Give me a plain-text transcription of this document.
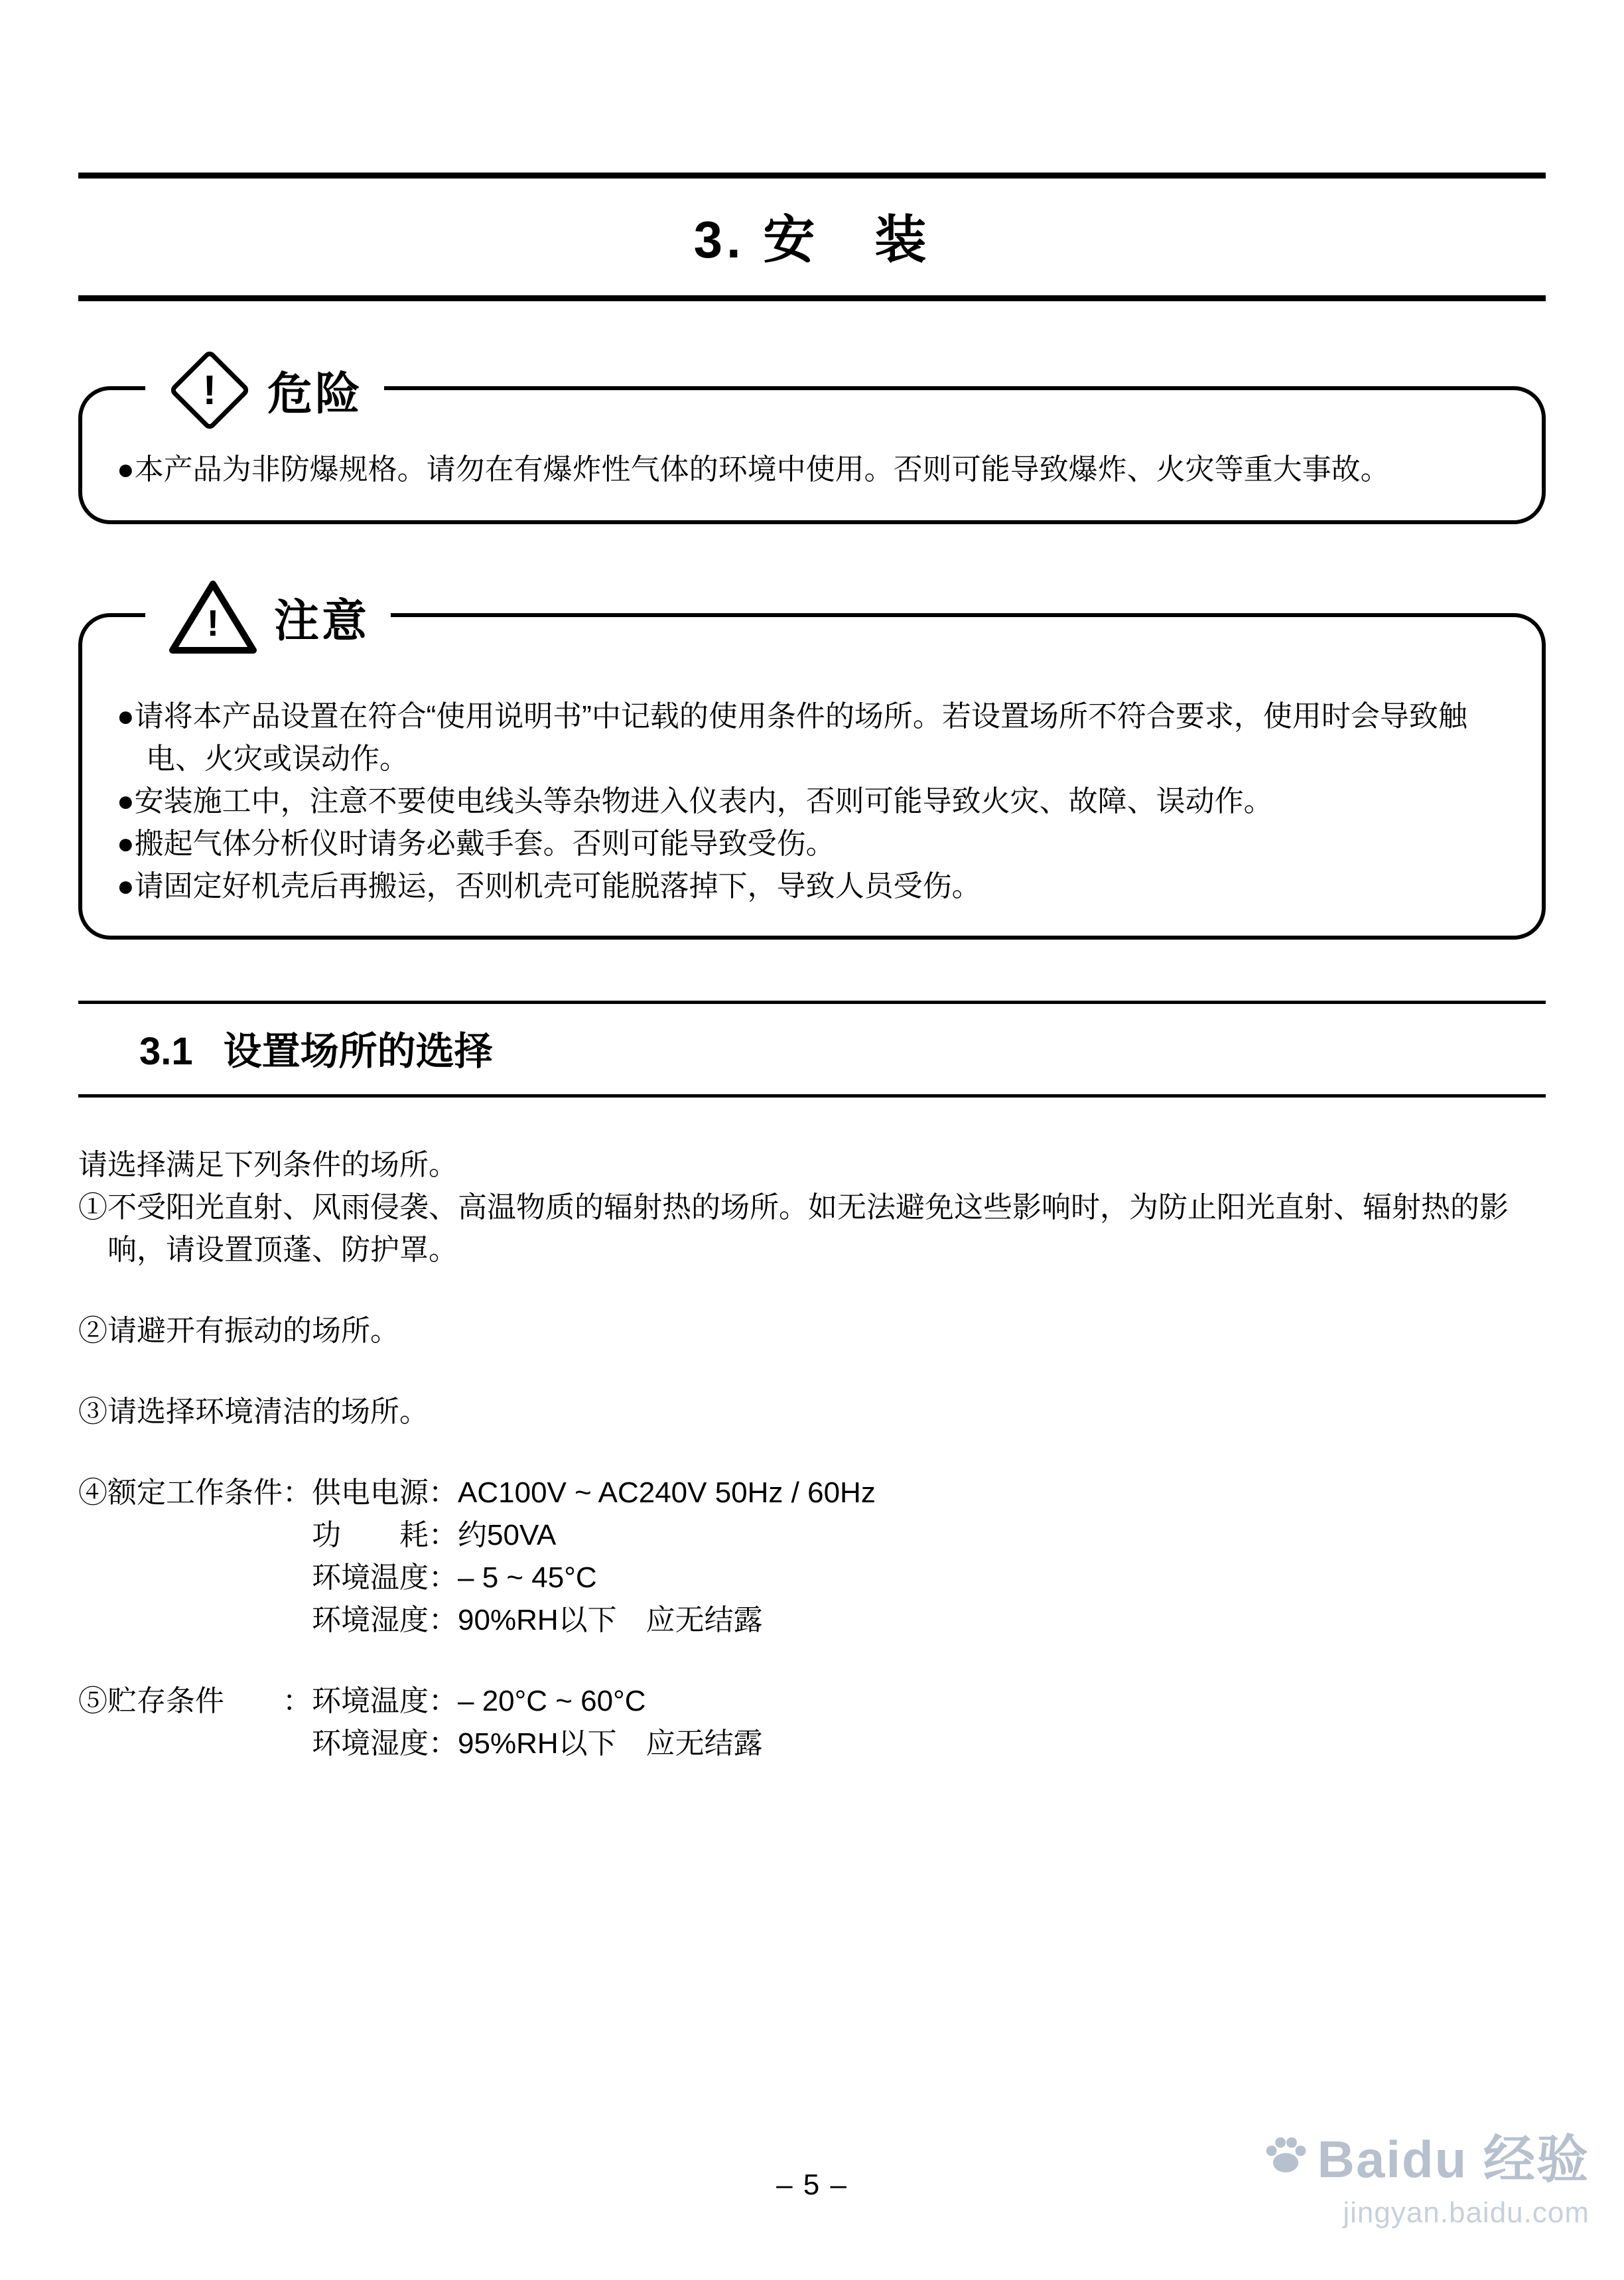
3. 安　装
!	危险

●本产品为非防爆规格。请勿在有爆炸性气体的环境中使用。否则可能导致爆炸、火灾等重大事故。

!	注意

●请将本产品设置在符合“使用说明书”中记载的使用条件的场所。若设置场所不符合要求，使用时会导致触电、火灾或误动作。

●安装施工中，注意不要使电线头等杂物进入仪表内，否则可能导致火灾、故障、误动作。

●搬起气体分析仪时请务必戴手套。否则可能导致受伤。

●请固定好机壳后再搬运，否则机壳可能脱落掉下，导致人员受伤。

3.1 设置场所的选择

请选择满足下列条件的场所。

①不受阳光直射、风雨侵袭、高温物质的辐射热的场所。如无法避免这些影响时，为防止阳光直射、辐射热的影响，请设置顶蓬、防护罩。

②请避开有振动的场所。

③请选择环境清洁的场所。

④额定工作条件： 供电电源：AC100V ~ AC240V 50Hz / 60Hz
功　　耗：约50VA
环境温度：– 5 ~ 45°C
环境湿度：90%RH以下　应无结露
⑤贮存条件　　： 环境温度：– 20°C ~ 60°C
环境湿度：95%RH以下　应无结露
– 5 –	Baidu 经验
jingyan.baidu.com
